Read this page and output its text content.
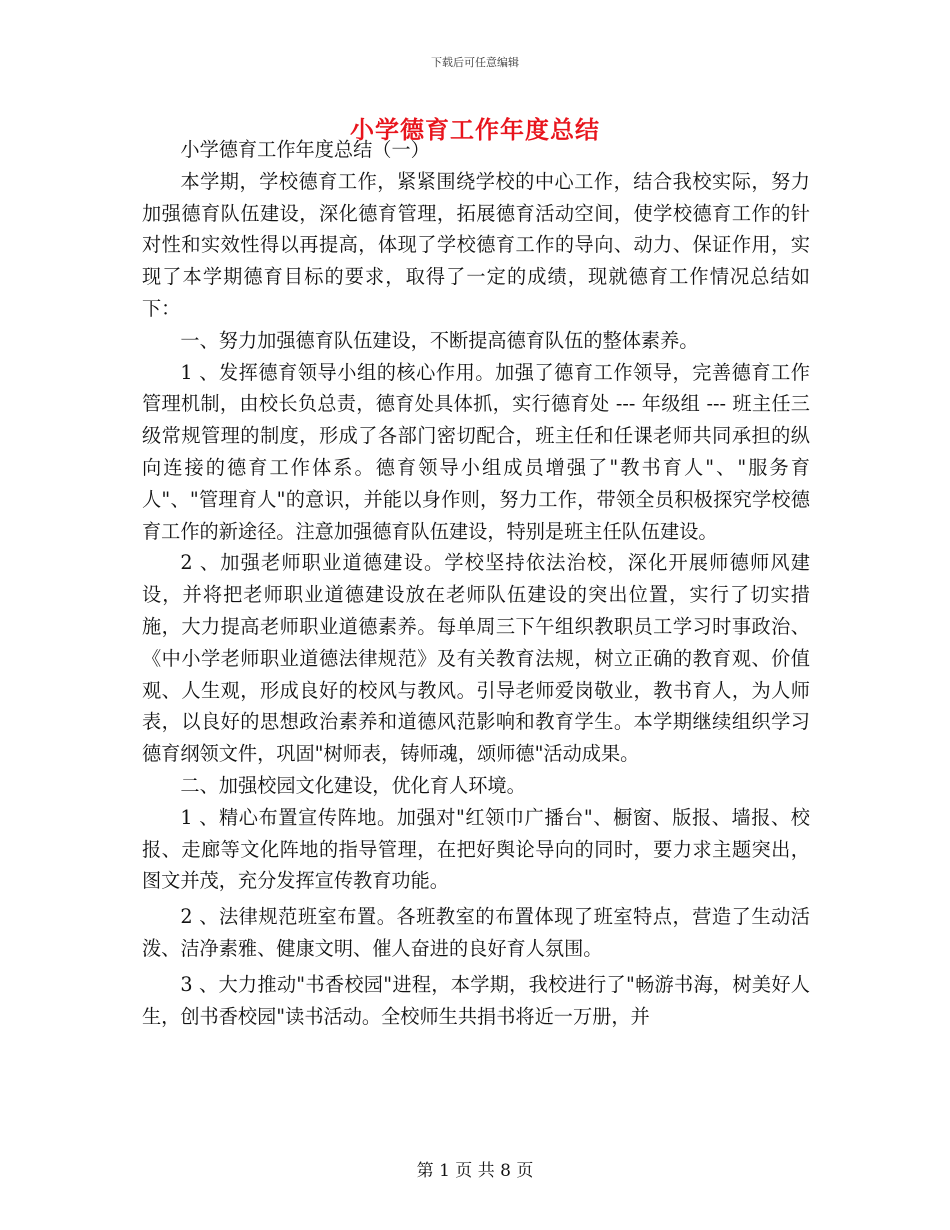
下载后可任意编辑
小学德育工作年度总结

小学德育工作年度总结（一）

本学期，学校德育工作，紧紧围绕学校的中心工作，结合我校实际，努力加强德育队伍建设，深化德育管理，拓展德育活动空间，使学校德育工作的针对性和实效性得以再提高，体现了学校德育工作的导向、动力、保证作用，实现了本学期德育目标的要求，取得了一定的成绩，现就德育工作情况总结如下：

一、努力加强德育队伍建设，不断提高德育队伍的整体素养。

1 、发挥德育领导小组的核心作用。加强了德育工作领导，完善德育工作管理机制，由校长负总责，德育处具体抓，实行德育处 --- 年级组 --- 班主任三级常规管理的制度，形成了各部门密切配合，班主任和任课老师共同承担的纵向连接的德育工作体系。德育领导小组成员增强了"教书育人"、"服务育人"、"管理育人"的意识，并能以身作则，努力工作，带领全员积极探究学校德育工作的新途径。注意加强德育队伍建设，特别是班主任队伍建设。

2 、加强老师职业道德建设。学校坚持依法治校，深化开展师德师风建设，并将把老师职业道德建设放在老师队伍建设的突出位置，实行了切实措施，大力提高老师职业道德素养。每单周三下午组织教职员工学习时事政治、《中小学老师职业道德法律规范》及有关教育法规，树立正确的教育观、价值观、人生观，形成良好的校风与教风。引导老师爱岗敬业，教书育人，为人师表，以良好的思想政治素养和道德风范影响和教育学生。本学期继续组织学习德育纲领文件，巩固"树师表，铸师魂，颂师德"活动成果。

二、加强校园文化建设，优化育人环境。

1 、精心布置宣传阵地。加强对"红领巾广播台"、橱窗、版报、墙报、校报、走廊等文化阵地的指导管理，在把好舆论导向的同时，要力求主题突出，图文并茂，充分发挥宣传教育功能。

2 、法律规范班室布置。各班教室的布置体现了班室特点，营造了生动活泼、洁净素雅、健康文明、催人奋进的良好育人氛围。

3 、大力推动"书香校园"进程，本学期，我校进行了"畅游书海，树美好人生，创书香校园"读书活动。全校师生共捐书将近一万册，并

第 1 页 共 8 页
